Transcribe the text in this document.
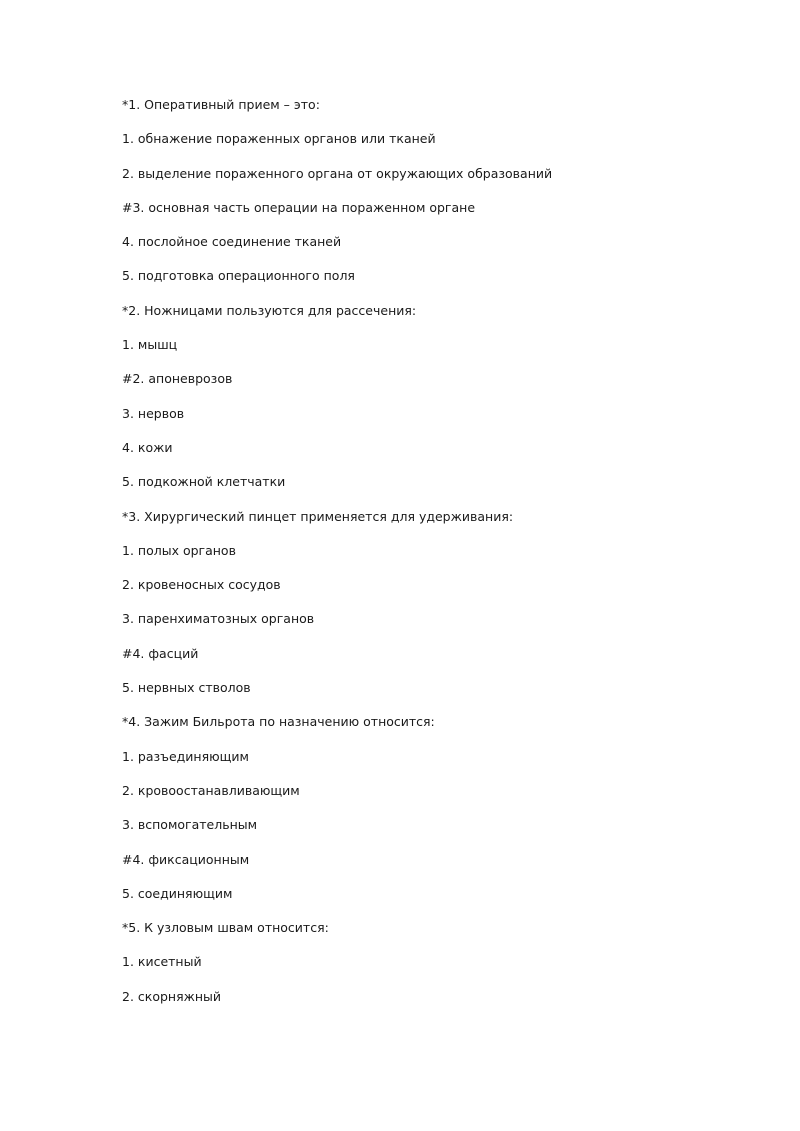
*1. Оперативный прием – это:
1. обнажение пораженных органов или тканей
2. выделение пораженного органа от окружающих образований
#3. основная часть операции на пораженном органе
4. послойное соединение тканей
5. подготовка операционного поля
*2. Ножницами пользуются для рассечения:
1. мышц
#2. апоневрозов
3. нервов
4. кожи
5. подкожной клетчатки
*3. Хирургический пинцет применяется для удерживания:
1. полых органов
2. кровеносных сосудов
3. паренхиматозных органов
#4. фасций
5. нервных стволов
*4. Зажим Бильрота по назначению относится:
1. разъединяющим
2. кровоостанавливающим
3. вспомогательным
#4. фиксационным
5. соединяющим
*5. К узловым швам относится:
1. кисетный
2. скорняжный
